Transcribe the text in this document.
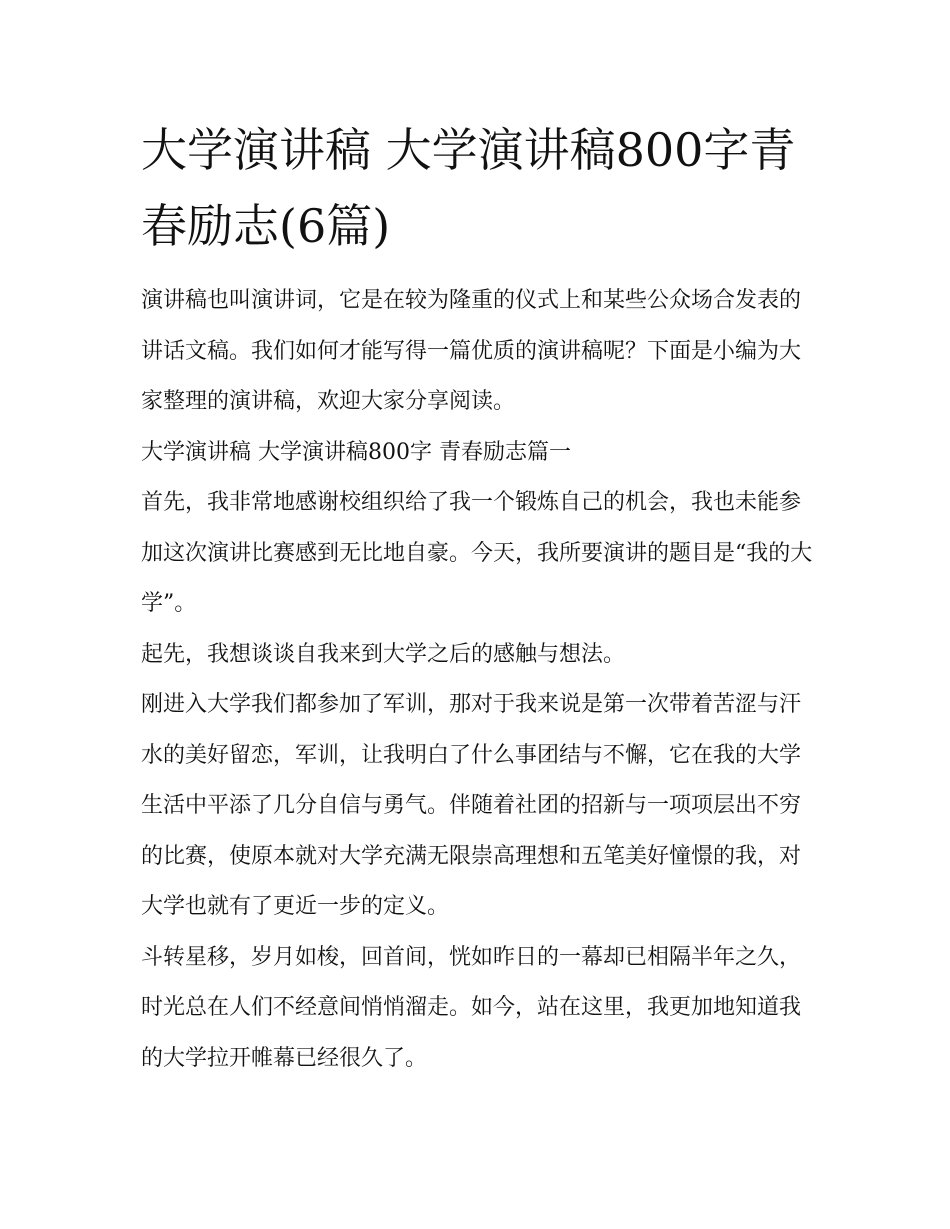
大学演讲稿 大学演讲稿800字青春励志(6篇)

演讲稿也叫演讲词，它是在较为隆重的仪式上和某些公众场合发表的讲话文稿。我们如何才能写得一篇优质的演讲稿呢？下面是小编为大家整理的演讲稿，欢迎大家分享阅读。

大学演讲稿 大学演讲稿800字 青春励志篇一

首先，我非常地感谢校组织给了我一个锻炼自己的机会，我也未能参加这次演讲比赛感到无比地自豪。今天，我所要演讲的题目是“我的大学”。

起先，我想谈谈自我来到大学之后的感触与想法。

刚进入大学我们都参加了军训，那对于我来说是第一次带着苦涩与汗水的美好留恋，军训，让我明白了什么事团结与不懈，它在我的大学生活中平添了几分自信与勇气。伴随着社团的招新与一项项层出不穷的比赛，使原本就对大学充满无限崇高理想和五笔美好憧憬的我，对大学也就有了更近一步的定义。

斗转星移，岁月如梭，回首间，恍如昨日的一幕却已相隔半年之久，时光总在人们不经意间悄悄溜走。如今，站在这里，我更加地知道我的大学拉开帷幕已经很久了。
